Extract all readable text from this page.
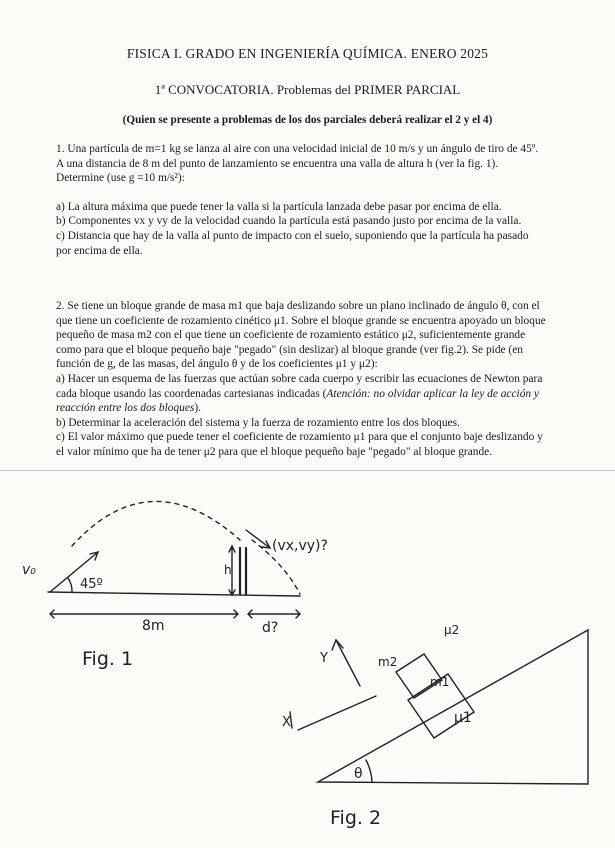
FISICA I. GRADO EN INGENIERÍA QUÍMICA. ENERO 2025
1ª CONVOCATORIA. Problemas del PRIMER PARCIAL
(Quien se presente a problemas de los dos parciales deberá realizar el 2 y el 4)

1. Una partícula de m=1 kg se lanza al aire con una velocidad inicial de 10 m/s y un ángulo de tiro de 45º. A una distancia de 8 m del punto de lanzamiento se encuentra una valla de altura h (ver la fig. 1). Determine (use g =10 m/s²):

a) La altura máxima que puede tener la valla si la partícula lanzada debe pasar por encima de ella.

b) Componentes vx y vy de la velocidad cuando la partícula está pasando justo por encima de la valla.

c) Distancia que hay de la valla al punto de impacto con el suelo, suponiendo que la partícula ha pasado por encima de ella.

2. Se tiene un bloque grande de masa m1 que baja deslizando sobre un plano inclinado de ángulo θ, con el que tiene un coeficiente de rozamiento cinético μ1. Sobre el bloque grande se encuentra apoyado un bloque pequeño de masa m2 con el que tiene un coeficiente de rozamiento estático μ2, suficientemente grande como para que el bloque pequeño baje "pegado" (sin deslizar) al bloque grande (ver fig.2). Se pide (en función de g, de las masas, del ángulo θ y de los coeficientes μ1 y μ2):

a) Hacer un esquema de las fuerzas que actúan sobre cada cuerpo y escribir las ecuaciones de Newton para cada bloque usando las coordenadas cartesianas indicadas (Atención: no olvidar aplicar la ley de acción y reacción entre los dos bloques).

b) Determinar la aceleración del sistema y la fuerza de rozamiento entre los dos bloques.

c) El valor máximo que puede tener el coeficiente de rozamiento μ1 para que el conjunto baje deslizando y el valor mínimo que ha de tener μ2 para que el bloque pequeño baje "pegado" al bloque grande.

v₀
45º
h
(vx,vy)?
8m	d?
Fig. 1	Y
X
m2
m1
μ2
μ1
θ
Fig. 2
